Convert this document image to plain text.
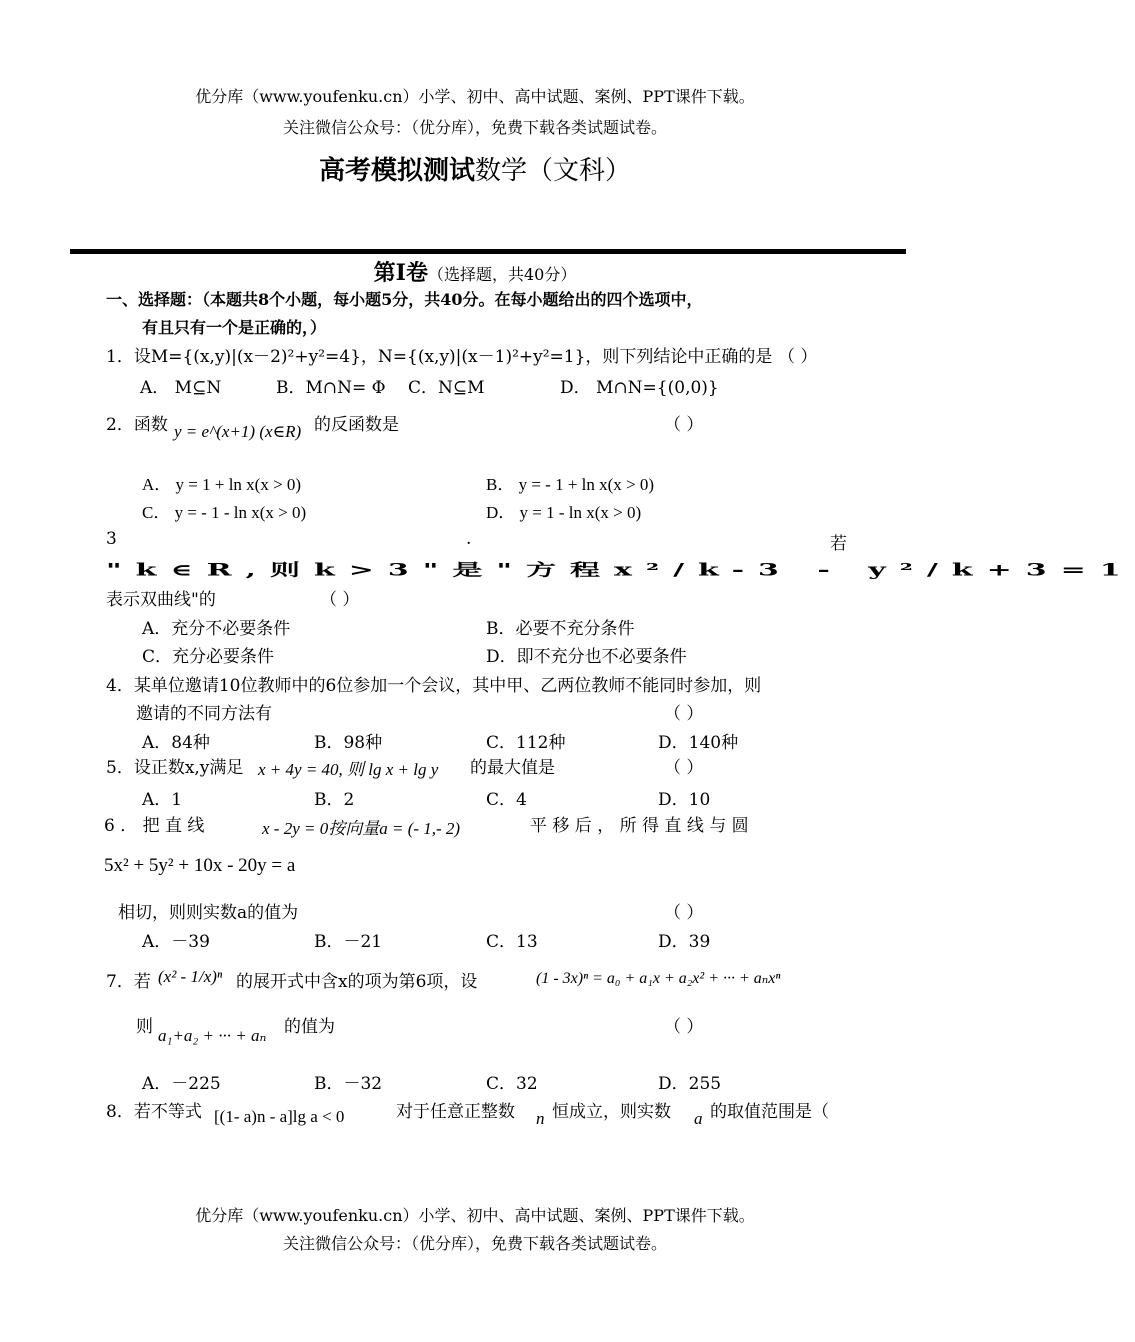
优分库（www.youfenku.cn）小学、初中、高中试题、案例、PPT课件下载。
关注微信公众号：（优分库），免费下载各类试题试卷。
高考模拟测试数学（文科）
第Ⅰ卷（选择题，共40分）
一、选择题：（本题共8个小题，每小题5分，共40分。在每小题给出的四个选项中，
有且只有一个是正确的，）
1．设M={(x,y)|(x－2)²+y²=4}，N={(x,y)|(x－1)²+y²=1}，则下列结论中正确的是 （ ）
A． M⊆N	B．M∩N= Φ C．N⊆M	D． M∩N={(0,0)}
2．函数 y = e^(x+1) (x∈R) 的反函数是	（ ）
A． y = 1 + ln x(x > 0)	B． y = - 1 + ln x(x > 0)
C． y = - 1 - ln x(x > 0)	D． y = 1 - ln x(x > 0)
3	.	若
"k∈R,则k>3"是"方程x²/k-3 - y²/k+3=1
表示双曲线"的	（ ）
A．充分不必要条件	B．必要不充分条件
C．充分必要条件	D．即不充分也不必要条件
4．某单位邀请10位教师中的6位参加一个会议，其中甲、乙两位教师不能同时参加，则
邀请的不同方法有	（ ）
A．84种	B．98种	C．112种	D．140种
5．设正数x,y满足 x + 4y = 40, 则 lg x + lg y 的最大值是	（ ）
A．1	B．2	C．4	D．10
6 ． 把 直 线	x - 2y = 0按向量a = (- 1,- 2)	平 移 后 ， 所 得 直 线 与 圆
5x² + 5y² + 10x - 20y = a
相切，则则实数a的值为	（ ）
A．－39	B．－21	C．13	D．39
7．若 (x² - 1/x)ⁿ 的展开式中含x的项为第6项，设	(1 - 3x)ⁿ = a₀ + a₁x + a₂x² + ··· + aₙxⁿ
则 a₁+a₂ + ··· + aₙ 的值为	（ ）
A．－225	B．－32	C．32	D．255
8．若不等式 [(1- a)n - a]lg a < 0	对于任意正整数 n 恒成立，则实数 a 的取值范围是（
优分库（www.youfenku.cn）小学、初中、高中试题、案例、PPT课件下载。
关注微信公众号：（优分库），免费下载各类试题试卷。
